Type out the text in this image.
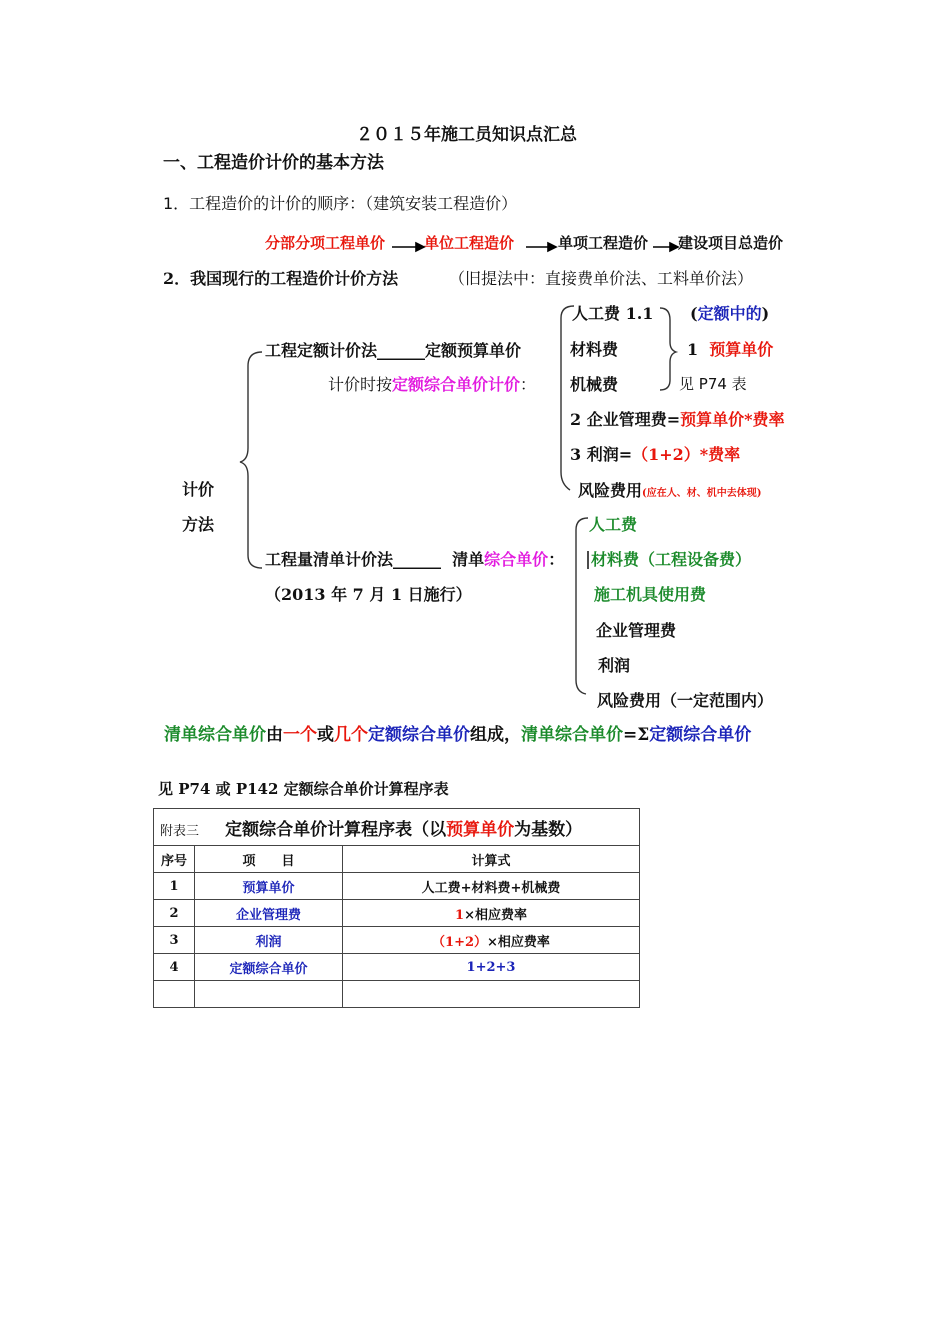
２０１５年施工员知识点汇总
一、工程造价计价的基本方法
1．工程造价的计价的顺序：（建筑安装工程造价）
分部分项工程单价	单位工程造价	单项工程造价 建设项目总造价
2．我国现行的工程造价计价方法	（旧提法中：直接费单价法、工料单价法）
计价
方法
工程定额计价法______定额预算单价
计价时按定额综合单价计价：
人工费 1.1
材料费
机械费
(定额中的)
1 预算单价
见 P74 表
2 企业管理费=预算单价*费率
3 利润=（1+2）*费率
风险费用(应在人、材、机中去体现)
工程量清单计价法______ 清单综合单价：
（2013 年 7 月 1 日施行）
人工费
材料费（工程设备费）
施工机具使用费
企业管理费
利润
风险费用（一定范围内）
清单综合单价由一个或几个定额综合单价组成，清单综合单价=Σ定额综合单价
见 P74 或 P142 定额综合单价计算程序表
附表三 定额综合单价计算程序表（以预算单价为基数）		
序号	项　　目	计算式
1	预算单价	人工费+材料费+机械费
2	企业管理费	1×相应费率
3	利润	（1+2）×相应费率
4	定额综合单价	1+2+3
